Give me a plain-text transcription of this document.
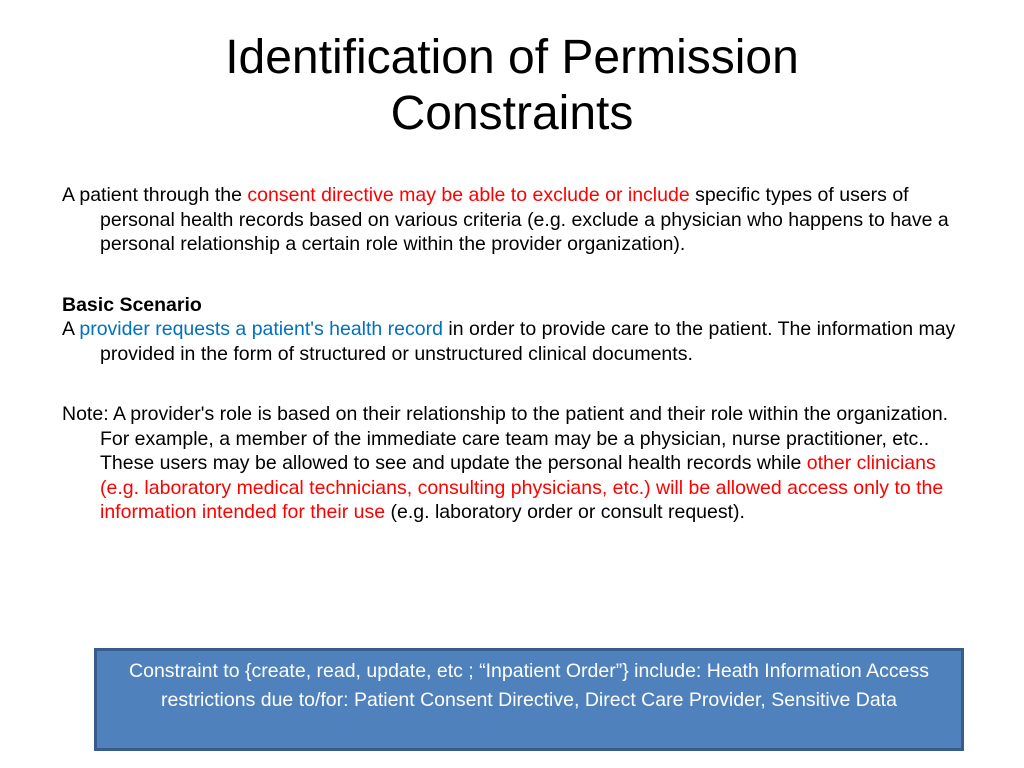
Identification of Permission
Constraints

A patient through the consent directive may be able to exclude or include specific types of users of personal health records based on various criteria (e.g. exclude a physician who happens to have a personal relationship a certain role within the provider organization).

Basic Scenario

A provider requests a patient's health record in order to provide care to the patient. The information may provided in the form of structured or unstructured clinical documents.

Note: A provider's role is based on their relationship to the patient and their role within the organization. For example, a member of the immediate care team may be a physician, nurse practitioner, etc.. These users may be allowed to see and update the personal health records while other clinicians (e.g. laboratory medical technicians, consulting physicians, etc.) will be allowed access only to the information intended for their use (e.g. laboratory order or consult request).

Constraint to {create, read, update, etc ; “Inpatient Order”} include: Heath Information Access restrictions due to/for: Patient Consent Directive, Direct Care Provider, Sensitive Data
